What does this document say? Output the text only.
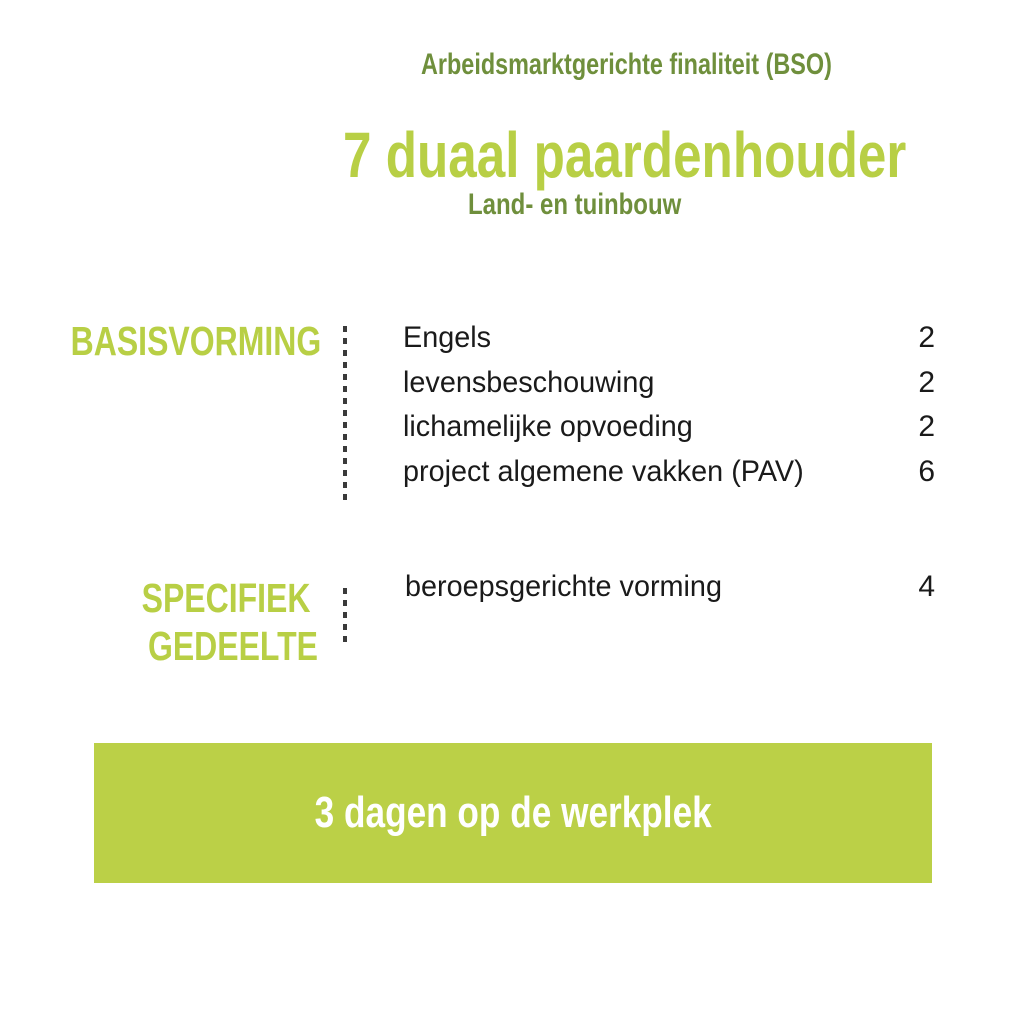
Arbeidsmarktgerichte finaliteit (BSO)
7 duaal paardenhouder
Land- en tuinbouw
BASISVORMING	Engels	2
levensbeschouwing	2
lichamelijke opvoeding	2
project algemene vakken (PAV)	6
SPECIFIEK
GEDEELTE
beroepsgerichte vorming	4
3 dagen op de werkplek
